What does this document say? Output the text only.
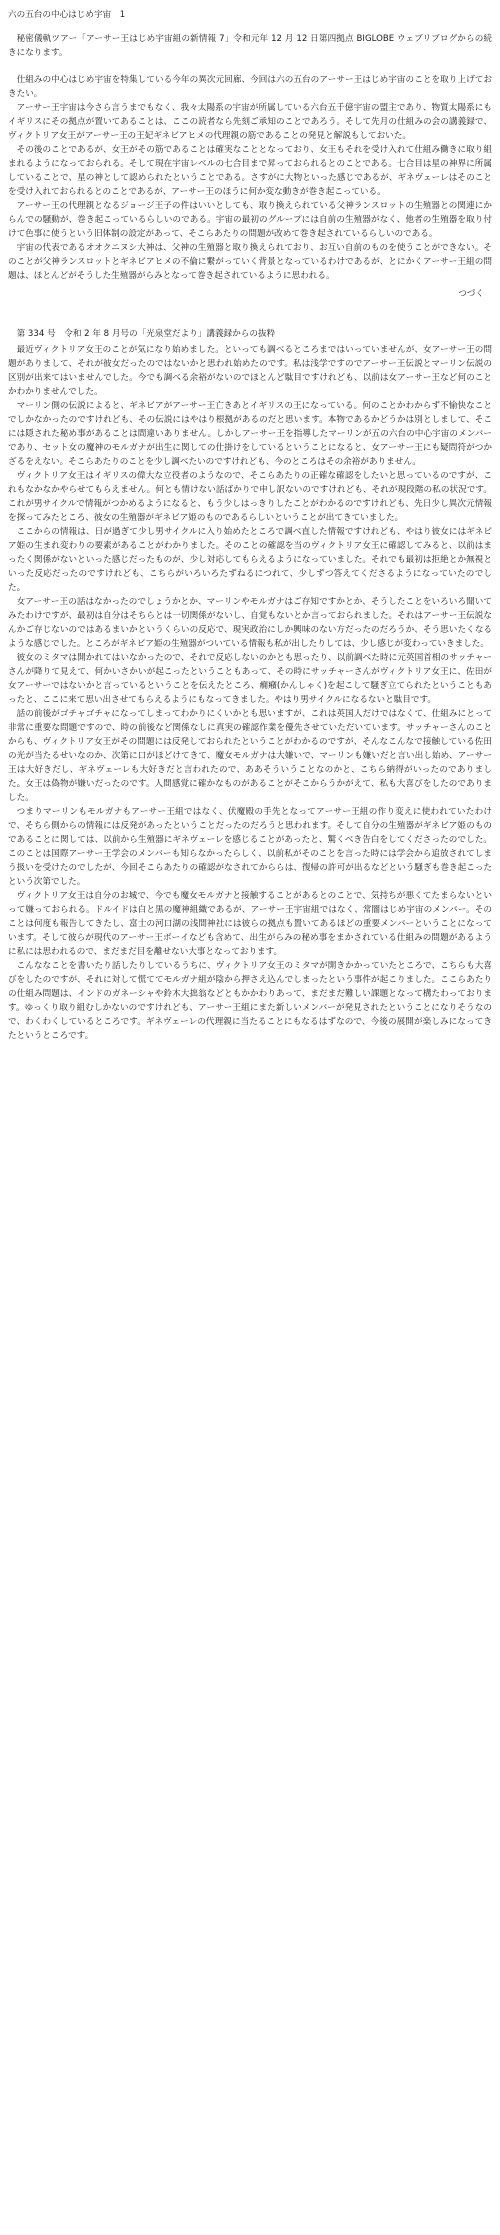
六の五台の中心はじめ宇宙　1
秘密儀軌ツアー「アーサー王はじめ宇宙組の新情報 7」令和元年 12 月 12 日第四拠点 BIGLOBE ウェブリブログからの続きになります。

仕組みの中心はじめ宇宙を特集している今年の異次元回廊、今回は六の五台のアーサー王はじめ宇宙のことを取り上げておきたい。

アーサー王宇宙は今さら言うまでもなく、我々太陽系の宇宙が所属している六台五千億宇宙の盟主であり、物質太陽系にもイギリスにその拠点が置いてあることは、ここの読者なら先刻ご承知のことであろう。そして先月の仕組みの会の講義録で、ヴィクトリア女王がアーサー王の王妃ギネビアヒメの代理親の筋であることの発見と解説もしておいた。

その後のことであるが、女王がその筋であることは確実なこととなっており、女王もそれを受け入れて仕組み働きに取り組まれるようになっておられる。そして現在宇宙レベルの七合目まで昇っておられるとのことである。七合目は星の神界に所属していることで、星の神として認められたということである。さすがに大物といった感じであるが、ギネヴェーレはそのことを受け入れておられるとのことであるが、アーサー王のほうに何か変な動きが巻き起こっている。

アーサー王の代理親となるジョージ王子の件はいいとしても、取り換えられている父神ランスロットの生殖器との関連にからんでの騒動が、巻き起こっているらしいのである。宇宙の最初のグループには自前の生殖器がなく、他者の生殖器を取り付けて色事に使うという旧体制の設定があって、そこらあたりの問題が改めて巻き起されているらしいのである。

宇宙の代表であるオオクニヌシ大神は、父神の生殖器と取り換えられており、お互い自前のものを使うことができない。そのことが父神ランスロットとギネビアヒメの不倫に繋がっていく背景となっているわけであるが、とにかくアーサー王組の問題は、ほとんどがそうした生殖器がらみとなって巻き起されているように思われる。

つづく
第 334 号　令和 2 年 8 月号の「光泉堂だより」講義録からの抜粋

最近ヴィクトリア女王のことが気になり始めました。といっても調べるところまではいっていませんが、女アーサー王の問題がありまして、それが彼女だったのではないかと思われ始めたのです。私は浅学ですのでアーサー王伝説とマーリン伝説の区別が出来てはいませんでした。今でも調べる余裕がないのでほとんど駄目ですけれども、以前は女アーサー王など何のことかわかりませんでした。

マーリン側の伝説によると、ギネビアがアーサー王亡きあとイギリスの王になっている。何のことかわからず不愉快なことでしかなかったのですけれども、その伝説にはやはり根拠があるのだと思います。本物であるかどうかは別としまして、そこには隠された秘め事があることは間違いありません。しかしアーサー王を指導したマーリンが五の六台の中心宇宙のメンバーであり、セット女の魔神のモルガナが出生に関しての仕掛けをしているということになると、女アーサー王にも疑問符がつかざるをえない。そこらあたりのことを少し調べたいのですけれども、今のところはその余裕がありません。

ヴィクトリア女王はイギリスの偉大な立役者のようなので、そこらあたりの正確な確認をしたいと思っているのですが、これもなかなかやらせてもらえません。何とも情けない話ばかりで申し訳ないのですけれども、それが現段階の私の状況です。これが男サイクルで情報がつかめるようになると、もう少しはっきりしたことがわかるのですけれども、先日少し異次元情報を探ってみたところ、彼女の生殖器がギネビア姫のものであるらしいということが出てきていました。

ここからの情報は、日が過ぎて少し男サイクルに入り始めたところで調べ直した情報ですけれども、やはり彼女にはギネビア姫の生まれ変わりの要素があることがわかりました。そのことの確認を当のヴィクトリア女王に確認してみると、以前はまったく関係がないといった感じだったものが、少し対応してもらえるようになっていました。それでも最初は拒絶とか無視といった反応だったのですけれども、こちらがいろいろたずねるにつれて、少しずつ答えてくださるようになっていたのでした。

女アーサー王の話はなかったのでしょうかとか、マーリンやモルガナはご存知ですかとか、そうしたことをいろいろ聞いてみたわけですが、最初は自分はそちらとは一切関係がないし、自覚もないとか言っておられました。それはアーサー王伝説なんかご存じないのではあるまいかというくらいの反応で、現実政治にしか興味のない方だったのだろうか、そう思いたくなるような感じでした。ところがギネビア姫の生殖器がついている情報も私が出したりしては、少し感じが変わっていきました。

彼女のミタマは開かれてはいなかったので、それで反応しないのかとも思ったり、以前調べた時に元英国首相のサッチャーさんが降りて見えて、何かいさかいが起こったということもあって、その時にサッチャーさんがヴィクトリア女王に、佐田が女アーサーではないかと言っているということを伝えたところ、癇癪(かんしゃく)を起こして騒ぎ立てられたということもあったと、ここに来て思い出させてもらえるようにもなってきました。やはり男サイクルになるないと駄目です。

話の前後がゴチャゴチャになってしまってわかりにくいかとも思いますが、これは英国人だけではなくて、仕組みにとって非常に重要な問題ですので、時の前後など関係なしに真実の確認作業を優先させていただいています。サッチャーさんのことからも、ヴィクトリア女王がその問題には反発しておられたということがわかるのですが、そんなこんなで接触している佐田の光が当たるせいなのか、次第に口がほどけてきて、魔女モルガナは大嫌いで、マーリンも嫌いだと言い出し始め、アーサー王は大好きだし、ギネヴェーレも大好きだと言われたので、ああそういうことなのかと、こちら納得がいったのでありました。女王は偽物が嫌いだったのです。人間感覚に確かなものがあることがそこからうかがえて、私も大喜びをしたのでありました。

つまりマーリンもモルガナもアーサー王組ではなく、伏魔殿の手先となってアーサー王組の作り変えに使われていたわけで、そちら側からの情報には反発があったということだったのだろうと思われます。そして自分の生殖器がギネビア姫のものであることに関しては、以前から生殖器にギネヴェーレを感じることがあったと、驚くべき告白をしてくださったのでした。このことは国際アーサー王学会のメンバーも知らなかったらしく、以前私がそのことを言った時には学会から追放されてしまう扱いを受けたのでしたが、今回そこらあたりの確認がなされてかららは、復帰の許可が出るなどという騒ぎも巻き起こったという次第でした。

ヴィクトリア女王は自分のお城で、今でも魔女モルガナと接触することがあるとのことで、気持ちが悪くてたまらないといって嫌っておられる。ドルイドは白と黒の魔神組織であるが、アーサー王宇宙組ではなく、常闇はじめ宇宙のメンバー。そのことは何度も報告してきたし、富士の河口湖の浅間神社には彼らの拠点も置いてあるほどの重要メンバーということになっています。そして彼らが現代のアーサー王ボーイなども含めて、出生がらみの秘め事をまかされている仕組みの問題があるように私には思われるので、まだまだ目を離せない大事となっております。

こんななことを書いたり話したりしているうちに、ヴィクトリア女王のミタマが開きかかっていたところで、こちらも大喜びをしたのですが、それに対して慌ててモルガナ組が陰から押さえ込んでしまったという事件が起こりました。ここらあたりの仕組み問題は、インドのガネーシャや鈴木大拙翁などともかかわりあって、まだまだ難しい課題となって構たわっております。ゆっくり取り組むしかないのですけれども、アーサー王組にまた新しいメンバーが発見されたということになりそうなので、わくわくしているところです。ギネヴェーレの代理親に当たることにもなるはずなので、今後の展開が楽しみになってきたというところです。
